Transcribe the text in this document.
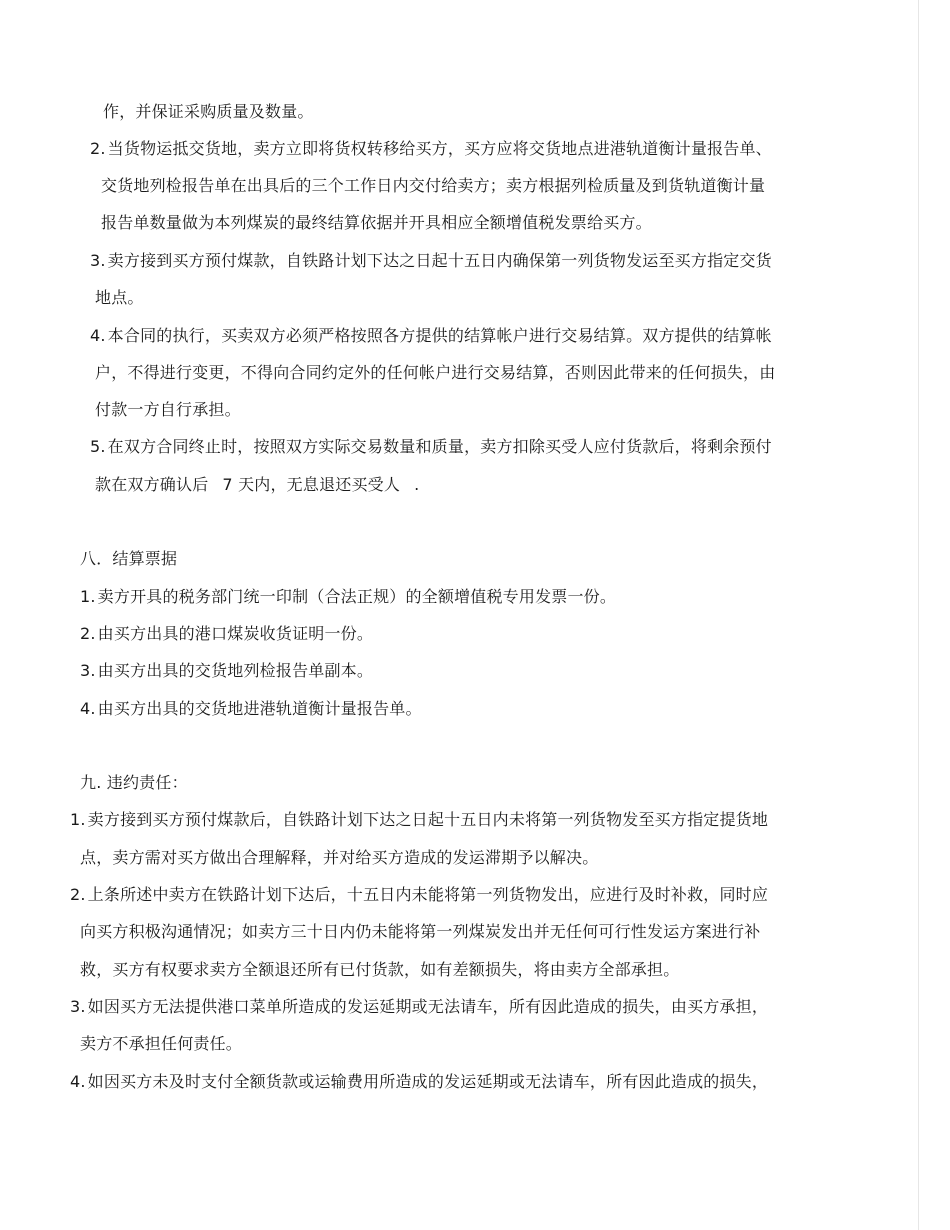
作，并保证采购质量及数量。
2. 当货物运抵交货地，卖方立即将货权转移给买方，买方应将交货地点进港轨道衡计量报告单、
交货地列检报告单在出具后的三个工作日内交付给卖方；卖方根据列检质量及到货轨道衡计量
报告单数量做为本列煤炭的最终结算依据并开具相应全额增值税发票给买方。
3. 卖方接到买方预付煤款，自铁路计划下达之日起十五日内确保第一列货物发运至买方指定交货
地点。
4. 本合同的执行，买卖双方必须严格按照各方提供的结算帐户进行交易结算。双方提供的结算帐
户，不得进行变更，不得向合同约定外的任何帐户进行交易结算，否则因此带来的任何损失，由
付款一方自行承担。
5. 在双方合同终止时，按照双方实际交易数量和质量，卖方扣除买受人应付货款后，将剩余预付
款在双方确认后 7 天内，无息退还买受人 .
八．结算票据
1. 卖方开具的税务部门统一印制（合法正规）的全额增值税专用发票一份。
2. 由买方出具的港口煤炭收货证明一份。
3. 由买方出具的交货地列检报告单副本。
4. 由买方出具的交货地进港轨道衡计量报告单。
九. 违约责任：
1. 卖方接到买方预付煤款后，自铁路计划下达之日起十五日内未将第一列货物发至买方指定提货地
点，卖方需对买方做出合理解释，并对给买方造成的发运滞期予以解决。
2. 上条所述中卖方在铁路计划下达后，十五日内未能将第一列货物发出，应进行及时补救，同时应
向买方积极沟通情况；如卖方三十日内仍未能将第一列煤炭发出并无任何可行性发运方案进行补
救，买方有权要求卖方全额退还所有已付货款，如有差额损失，将由卖方全部承担。
3. 如因买方无法提供港口菜单所造成的发运延期或无法请车，所有因此造成的损失，由买方承担，
卖方不承担任何责任。
4. 如因买方未及时支付全额货款或运输费用所造成的发运延期或无法请车，所有因此造成的损失，
